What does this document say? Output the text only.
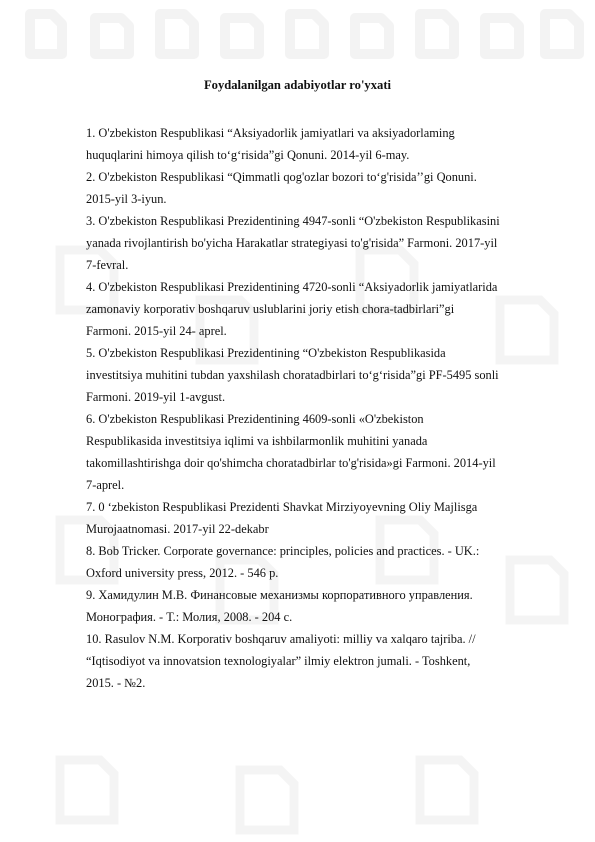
Foydalanilgan adabiyotlar ro'yxati
1. O'zbekiston Respublikasi “Aksiyadorlik jamiyatlari va aksiyadorlaming
huquqlarini himoya qilish to‘g‘risida”gi Qonuni. 2014-yil 6-may.
2. O'zbekiston Respublikasi “Qimmatli qog'ozlar bozori to‘g'risida’’gi Qonuni.
2015-yil 3-iyun.
3. O'zbekiston Respublikasi Prezidentining 4947-sonli “O'zbekiston Respublikasini
yanada rivojlantirish bo'yicha Harakatlar strategiyasi to'g'risida” Farmoni. 2017-yil
7-fevral.
4. O'zbekiston Respublikasi Prezidentining 4720-sonli “Aksiyadorlik jamiyatlarida
zamonaviy korporativ boshqaruv uslublarini joriy etish chora-tadbirlari”gi
Farmoni. 2015-yil 24- aprel.
5. O'zbekiston Respublikasi Prezidentining “O'zbekiston Respublikasida
investitsiya muhitini tubdan yaxshilash choratadbirlari to‘g‘risida”gi PF-5495 sonli
Farmoni. 2019-yil 1-avgust.
6. O'zbekiston Respublikasi Prezidentining 4609-sonli «O'zbekiston
Respublikasida investitsiya iqlimi va ishbilarmonlik muhitini yanada
takomillashtirishga doir qo'shimcha choratadbirlar to'g'risida»gi Farmoni. 2014-yil
7-aprel.
7. 0 ‘zbekiston Respublikasi Prezidenti Shavkat Mirziyoyevning Oliy Majlisga
Murojaatnomasi. 2017-yil 22-dekabr
8. Bob Tricker. Corporate governance: principles, policies and practices. - UK.:
Oxford university press, 2012. - 546 p.
9. Хамидулин М.В. Финансовые механизмы корпоративного управления.
Монография. - Т.: Молия, 2008. - 204 с.
10. Rasulov N.M. Korporativ boshqaruv amaliyoti: milliy va xalqaro tajriba. //
“Iqtisodiyot va innovatsion texnologiyalar” ilmiy elektron jumali. - Toshkent,
2015. - №2.
